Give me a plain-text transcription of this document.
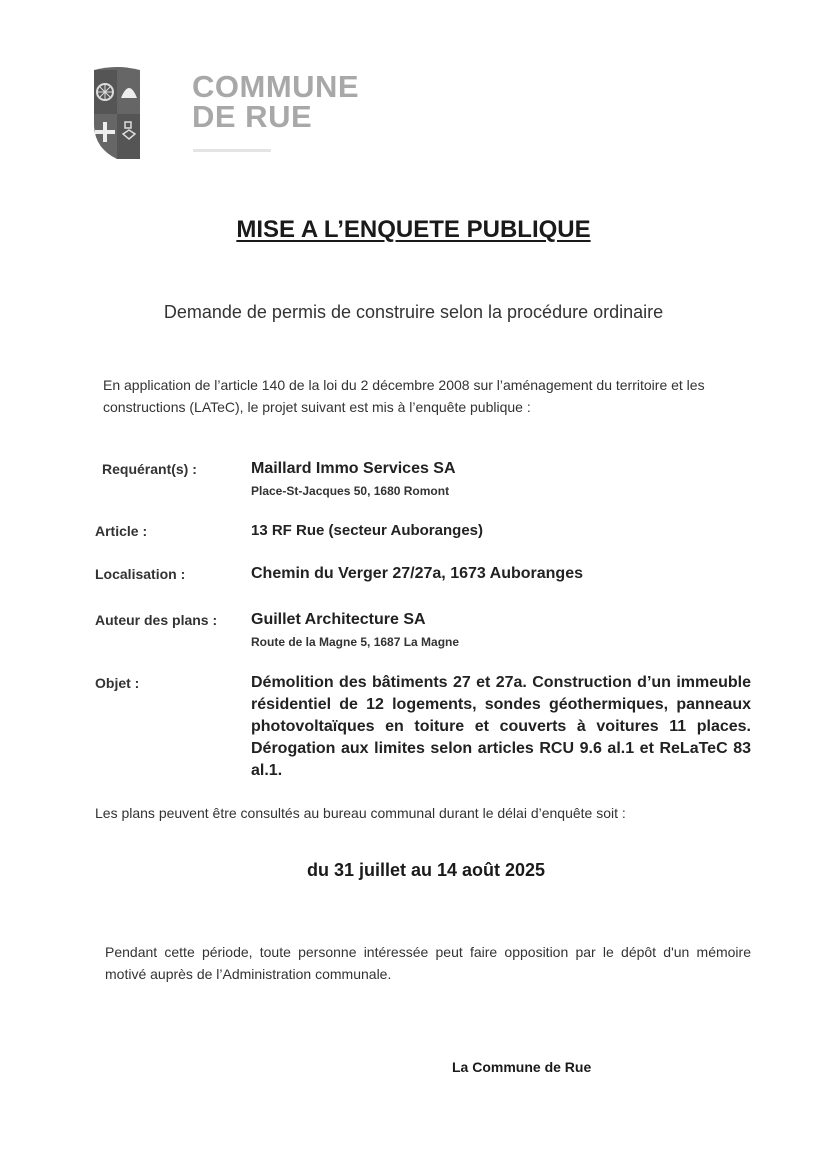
COMMUNE
DE RUE
MISE A L’ENQUETE PUBLIQUE
Demande de permis de construire selon la procédure ordinaire
En application de l’article 140 de la loi du 2 décembre 2008 sur l’aménagement du territoire et les constructions (LATeC), le projet suivant est mis à l’enquête publique :
Requérant(s) :	Maillard Immo Services SA
Place-St-Jacques 50, 1680 Romont
Article :	13 RF Rue (secteur Auboranges)
Localisation :	Chemin du Verger 27/27a, 1673 Auboranges
Auteur des plans : Guillet Architecture SA
Route de la Magne 5, 1687 La Magne
Objet :	Démolition des bâtiments 27 et 27a. Construction d’un immeuble résidentiel de 12 logements, sondes géothermiques, panneaux photovoltaïques en toiture et couverts à voitures 11 places. Dérogation aux limites selon articles RCU 9.6 al.1 et ReLaTeC 83 al.1.
Les plans peuvent être consultés au bureau communal durant le délai d’enquête soit :
du 31 juillet au 14 août 2025
Pendant cette période, toute personne intéressée peut faire opposition par le dépôt d'un mémoire motivé auprès de l’Administration communale.
La Commune de Rue
